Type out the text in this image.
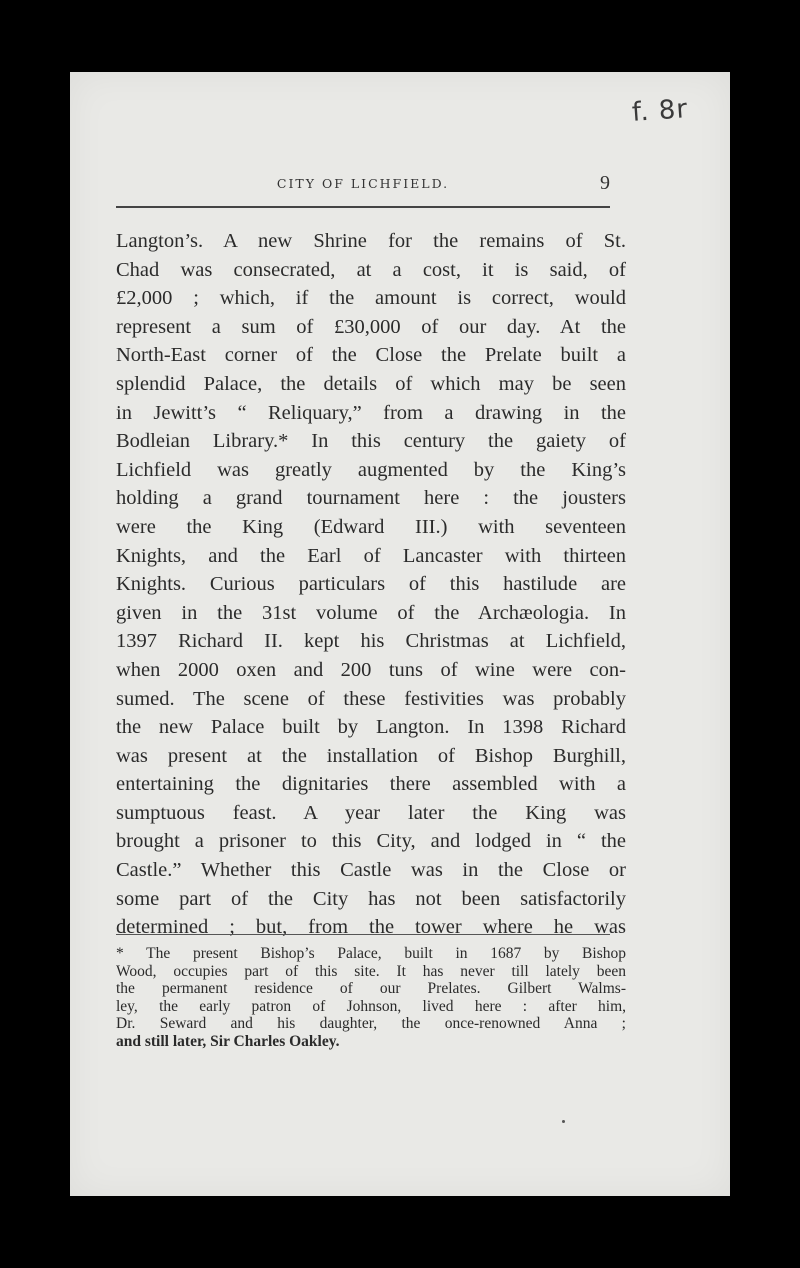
f. 8r
CITY OF LICHFIELD.	9
Langton’s. A new Shrine for the remains of St.
Chad was consecrated, at a cost, it is said, of
£2,000 ; which, if the amount is correct, would
represent a sum of £30,000 of our day. At the
North-East corner of the Close the Prelate built a
splendid Palace, the details of which may be seen
in Jewitt’s “ Reliquary,” from a drawing in the
Bodleian Library.* In this century the gaiety of
Lichfield was greatly augmented by the King’s
holding a grand tournament here : the jousters
were the King (Edward III.) with seventeen
Knights, and the Earl of Lancaster with thirteen
Knights. Curious particulars of this hastilude are
given in the 31st volume of the Archæologia. In
1397 Richard II. kept his Christmas at Lichfield,
when 2000 oxen and 200 tuns of wine were con-
sumed. The scene of these festivities was probably
the new Palace built by Langton. In 1398 Richard
was present at the installation of Bishop Burghill,
entertaining the dignitaries there assembled with a
sumptuous feast. A year later the King was
brought a prisoner to this City, and lodged in “ the
Castle.” Whether this Castle was in the Close or
some part of the City has not been satisfactorily
determined ; but, from the tower where he was
* The present Bishop’s Palace, built in 1687 by Bishop
Wood, occupies part of this site. It has never till lately been
the permanent residence of our Prelates. Gilbert Walms-
ley, the early patron of Johnson, lived here : after him,
Dr. Seward and his daughter, the once-renowned Anna ;
and still later, Sir Charles Oakley.
